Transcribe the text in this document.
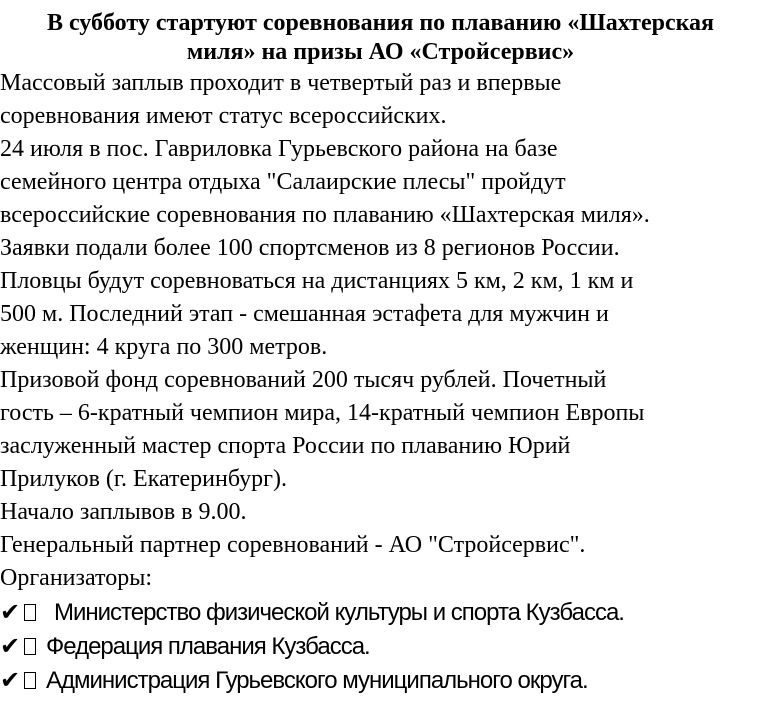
В субботу стартуют соревнования по плаванию «Шахтерская
миля» на призы АО «Стройсервис»
Массовый заплыв проходит в четвертый раз и впервые
соревнования имеют статус всероссийских.
24 июля в пос. Гавриловка Гурьевского района на базе
семейного центра отдыха "Салаирские плесы" пройдут
всероссийские соревнования по плаванию «Шахтерская миля».
Заявки подали более 100 спортсменов из 8 регионов России.
Пловцы будут соревноваться на дистанциях 5 км, 2 км, 1 км и
500 м. Последний этап - смешанная эстафета для мужчин и
женщин: 4 круга по 300 метров.
Призовой фонд соревнований 200 тысяч рублей. Почетный
гость – 6-кратный чемпион мира, 14-кратный чемпион Европы
заслуженный мастер спорта России по плаванию Юрий
Прилуков (г. Екатеринбург).
Начало заплывов в 9.00.
Генеральный партнер соревнований - АО "Стройсервис".
Организаторы:
✔ Министерство физической культуры и спорта Кузбасса.
✔ Федерация плавания Кузбасса.
✔ Администрация Гурьевского муниципального округа.
